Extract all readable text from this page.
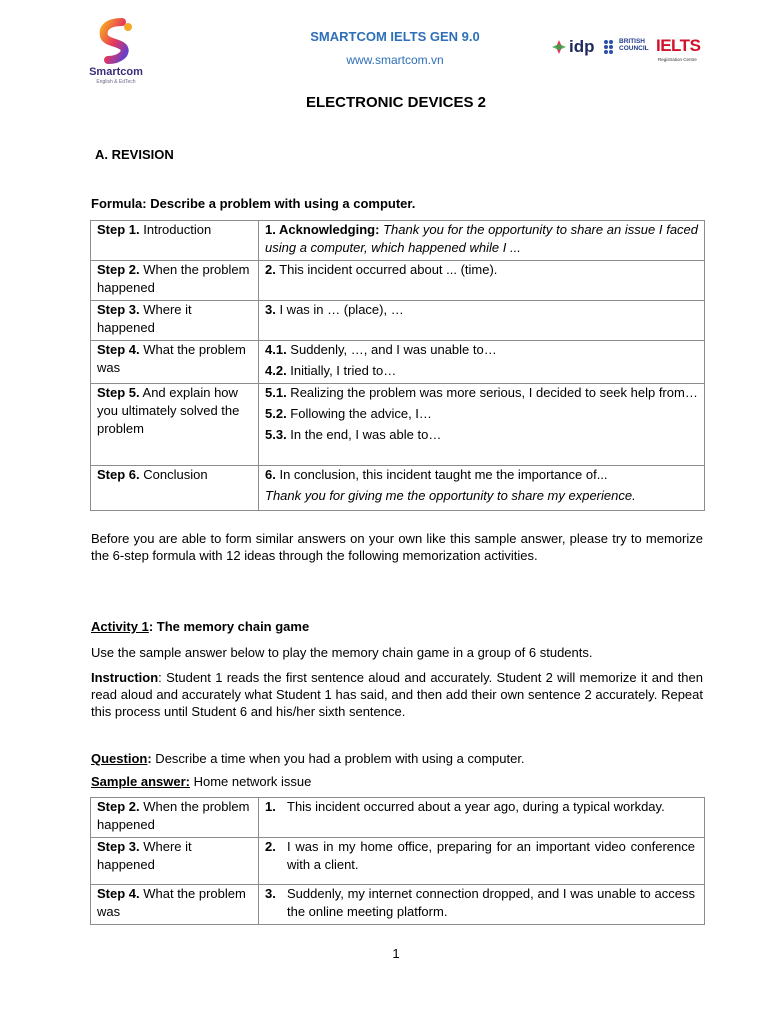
Smartcom
English & EdTech
SMARTCOM IELTS GEN 9.0
www.smartcom.vn
idp	BRITISH
COUNCIL IELTS
Registration Centre
ELECTRONIC DEVICES 2
A. REVISION
Formula: Describe a problem with using a computer.
Step 1. Introduction	1. Acknowledging: Thank you for the opportunity to share an issue I faced using a computer, which happened while I ...

Step 2. When the problem happened	2. This incident occurred about ... (time).

Step 3. Where it happened	3. I was in … (place), …

Step 4. What the problem was	4.1. Suddenly, …, and I was unable to…
4.2. Initially, I tried to…

Step 5. And explain how you ultimately solved the problem	5.1. Realizing the problem was more serious, I decided to seek help from…
5.2. Following the advice, I…
5.3. In the end, I was able to…

Step 6. Conclusion	6. In conclusion, this incident taught me the importance of...
Thank you for giving me the opportunity to share my experience.
Before you are able to form similar answers on your own like this sample answer, please try to memorize the 6-step formula with 12 ideas through the following memorization activities.
Activity 1: The memory chain game
Use the sample answer below to play the memory chain game in a group of 6 students.
Instruction: Student 1 reads the first sentence aloud and accurately. Student 2 will memorize it and then read aloud and accurately what Student 1 has said, and then add their own sentence 2 accurately. Repeat this process until Student 6 and his/her sixth sentence.
Question: Describe a time when you had a problem with using a computer.
Sample answer: Home network issue
Step 2. When the problem happened	1. This incident occurred about a year ago, during a typical workday.
Step 3. Where it happened	2. I was in my home office, preparing for an important video conference with a client.
Step 4. What the problem was	3. Suddenly, my internet connection dropped, and I was unable to access the online meeting platform.
1
